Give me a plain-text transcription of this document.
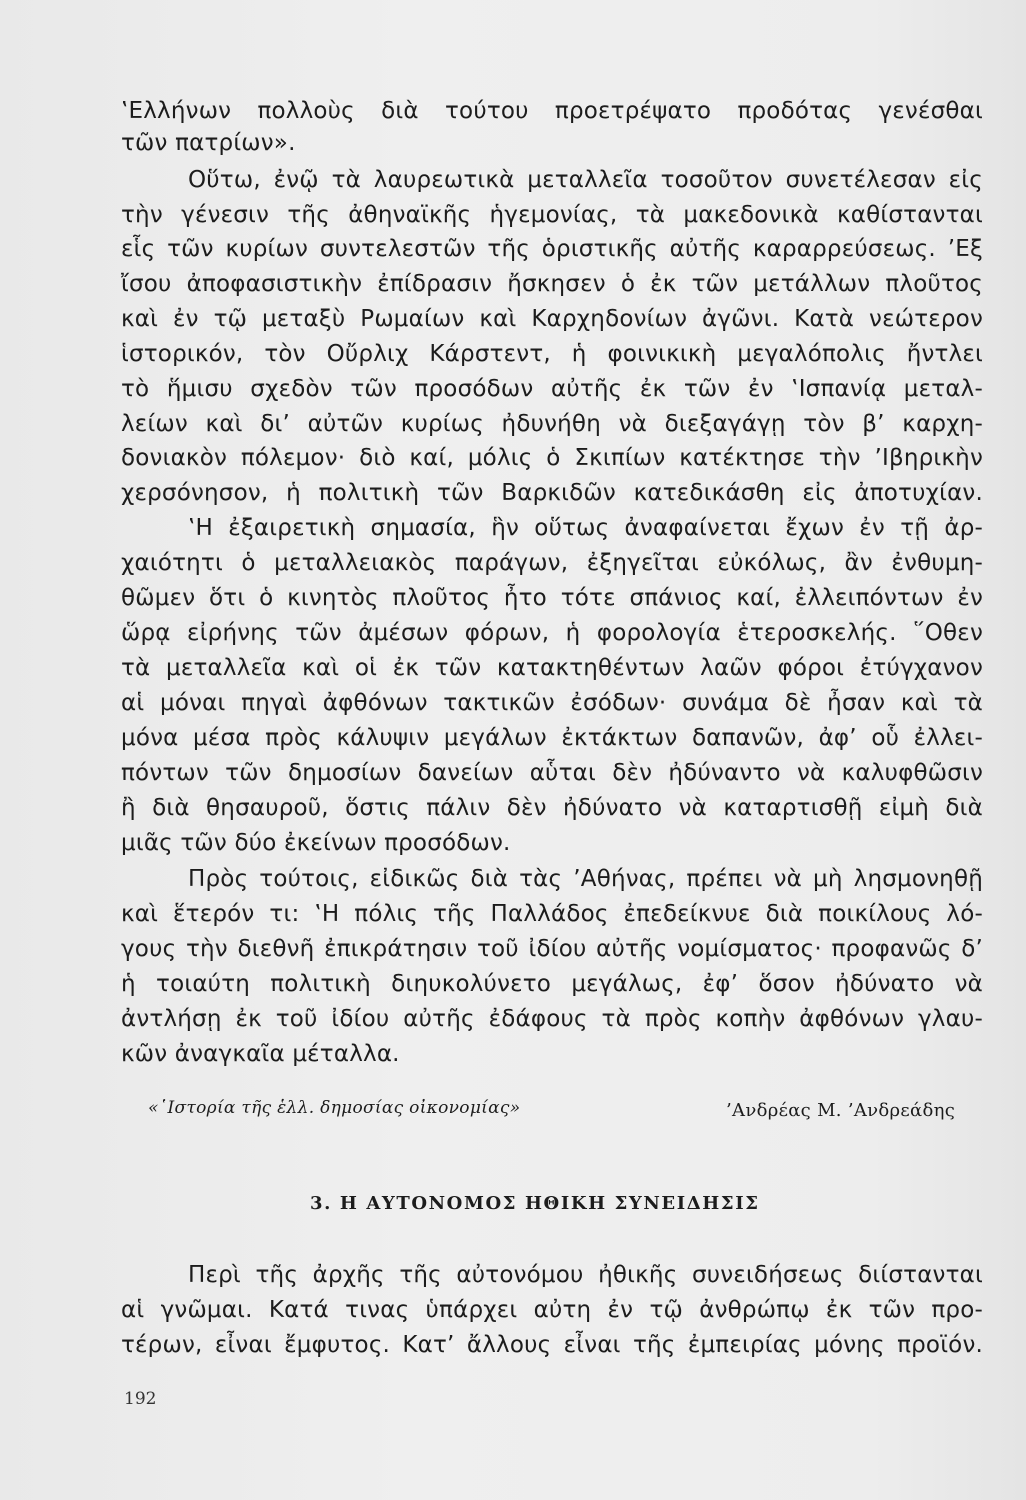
‛Ελλήνων πολλοὺς διὰ τούτου προετρέψατο προδότας γενέσθαι
τῶν πατρίων».
Οὕτω, ἐνῷ τὰ λαυρεωτικὰ μεταλλεῖα τοσοῦτον συνετέλεσαν εἰς
τὴν γένεσιν τῆς ἀθηναϊκῆς ἡγεμονίας, τὰ μακεδονικὰ καθίστανται
εἷς τῶν κυρίων συντελεστῶν τῆς ὁριστικῆς αὐτῆς καραρρεύσεως. ’Εξ
ἴσου ἀποφασιστικὴν ἐπίδρασιν ἤσκησεν ὁ ἐκ τῶν μετάλλων πλοῦτος
καὶ ἐν τῷ μεταξὺ Ρωμαίων καὶ Καρχηδονίων ἀγῶνι. Κατὰ νεώτερον
ἱστορικόν, τὸν Οὔρλιχ Κάρστεντ, ἡ φοινικικὴ μεγαλόπολις ἤντλει
τὸ ἥμισυ σχεδὸν τῶν προσόδων αὐτῆς ἐκ τῶν ἐν ‛Ισπανίᾳ μεταλ-
λείων καὶ δι’ αὐτῶν κυρίως ἠδυνήθη νὰ διεξαγάγῃ τὸν β’ καρχη-
δονιακὸν πόλεμον· διὸ καί, μόλις ὁ Σκιπίων κατέκτησε τὴν ’Ιβηρικὴν
χερσόνησον, ἡ πολιτικὴ τῶν Βαρκιδῶν κατεδικάσθη εἰς ἀποτυχίαν.
‛Η ἐξαιρετικὴ σημασία, ἣν οὕτως ἀναφαίνεται ἔχων ἐν τῇ ἀρ-
χαιότητι ὁ μεταλλειακὸς παράγων, ἐξηγεῖται εὐκόλως, ἂν ἐνθυμη-
θῶμεν ὅτι ὁ κινητὸς πλοῦτος ἦτο τότε σπάνιος καί, ἐλλειπόντων ἐν
ὥρᾳ εἰρήνης τῶν ἀμέσων φόρων, ἡ φορολογία ἑτεροσκελής. ῞Οθεν
τὰ μεταλλεῖα καὶ οἱ ἐκ τῶν κατακτηθέντων λαῶν φόροι ἐτύγχανον
αἱ μόναι πηγαὶ ἀφθόνων τακτικῶν ἐσόδων· συνάμα δὲ ἦσαν καὶ τὰ
μόνα μέσα πρὸς κάλυψιν μεγάλων ἐκτάκτων δαπανῶν, ἀφ’ οὗ ἐλλει-
πόντων τῶν δημοσίων δανείων αὗται δὲν ἠδύναντο νὰ καλυφθῶσιν
ἢ διὰ θησαυροῦ, ὅστις πάλιν δὲν ἠδύνατο νὰ καταρτισθῇ εἰμὴ διὰ
μιᾶς τῶν δύο ἐκείνων προσόδων.
Πρὸς τούτοις, εἰδικῶς διὰ τὰς ’Αθήνας, πρέπει νὰ μὴ λησμονηθῇ
καὶ ἕτερόν τι: ‛Η πόλις τῆς Παλλάδος ἐπεδείκνυε διὰ ποικίλους λό-
γους τὴν διεθνῆ ἐπικράτησιν τοῦ ἰδίου αὐτῆς νομίσματος· προφανῶς δ’
ἡ τοιαύτη πολιτικὴ διηυκολύνετο μεγάλως, ἐφ’ ὅσον ἠδύνατο νὰ
ἀντλήσῃ ἐκ τοῦ ἰδίου αὐτῆς ἐδάφους τὰ πρὸς κοπὴν ἀφθόνων γλαυ-
κῶν ἀναγκαῖα μέταλλα.
«῾Ιστορία τῆς ἑλλ. δημοσίας οἰκονομίας»	’Ανδρέας Μ. ’Ανδρεάδης
3. Η ΑΥΤΟΝΟΜΟΣ ΗΘΙΚΗ ΣΥΝΕΙΔΗΣΙΣ
Περὶ τῆς ἀρχῆς τῆς αὐτονόμου ἠθικῆς συνειδήσεως διίστανται
αἱ γνῶμαι. Κατά τινας ὑπάρχει αὐτη ἐν τῷ ἀνθρώπῳ ἐκ τῶν προ-
τέρων, εἶναι ἔμφυτος. Κατ’ ἄλλους εἶναι τῆς ἐμπειρίας μόνης προϊόν.
192
